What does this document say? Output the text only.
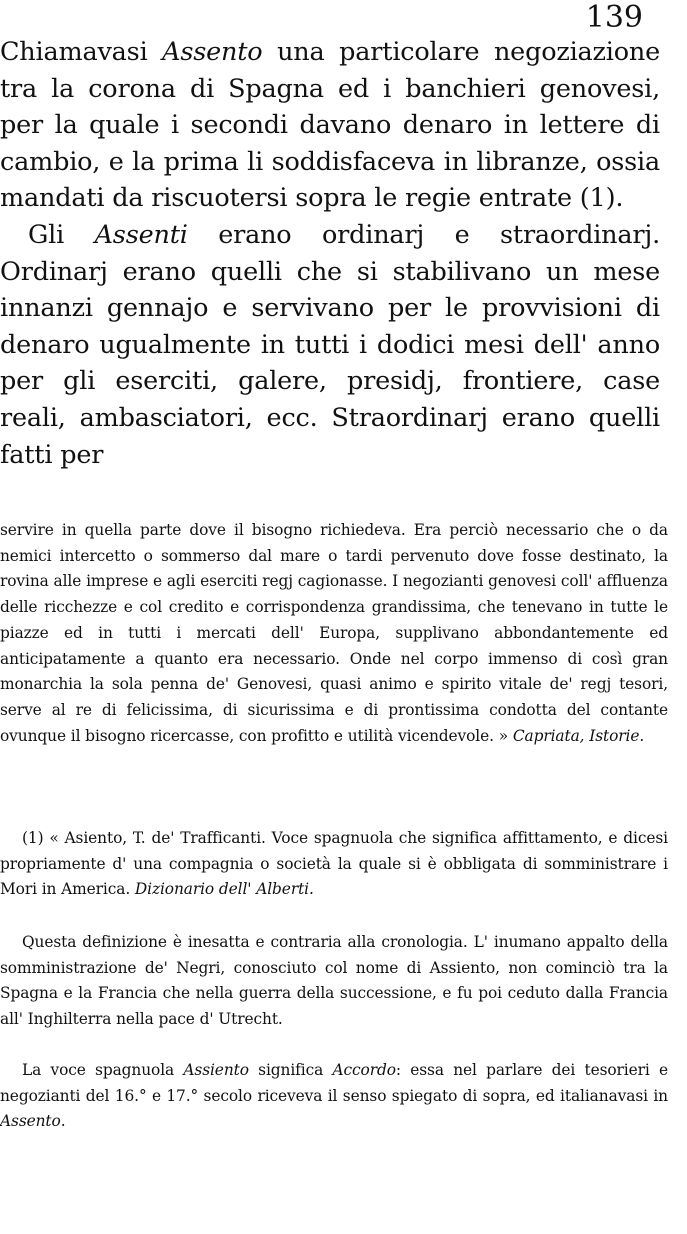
139

Chiamavasi Assento una particolare negoziazione tra la corona di Spagna ed i banchieri genovesi, per la quale i secondi davano denaro in lettere di cambio, e la prima li soddisfaceva in libranze, ossia mandati da riscuotersi sopra le regie entrate (1).

Gli Assenti erano ordinarj e straordinarj. Ordinarj erano quelli che si stabilivano un mese innanzi gennajo e servivano per le provvisioni di denaro ugualmente in tutti i dodici mesi dell' anno per gli eserciti, galere, presidj, frontiere, case reali, ambasciatori, ecc. Straordinarj erano quelli fatti per

servire in quella parte dove il bisogno richiedeva. Era perciò necessario che o da nemici intercetto o sommerso dal mare o tardi pervenuto dove fosse destinato, la rovina alle imprese e agli eserciti regj cagionasse. I negozianti genovesi coll' affluenza delle ricchezze e col credito e corrispondenza grandissima, che tenevano in tutte le piazze ed in tutti i mercati dell' Europa, supplivano abbondantemente ed anticipatamente a quanto era necessario. Onde nel corpo immenso di così gran monarchia la sola penna de' Genovesi, quasi animo e spirito vitale de' regj tesori, serve al re di felicissima, di sicurissima e di prontissima condotta del contante ovunque il bisogno ricercasse, con profitto e utilità vicendevole. » Capriata, Istorie.

(1) « Asiento, T. de' Trafficanti. Voce spagnuola che significa affittamento, e dicesi propriamente d' una compagnia o società la quale si è obbligata di somministrare i Mori in America. Dizionario dell' Alberti.

Questa definizione è inesatta e contraria alla cronologia. L' inumano appalto della somministrazione de' Negri, conosciuto col nome di Assiento, non cominciò tra la Spagna e la Francia che nella guerra della successione, e fu poi ceduto dalla Francia all' Inghilterra nella pace d' Utrecht.

La voce spagnuola Assiento significa Accordo: essa nel parlare dei tesorieri e negozianti del 16.° e 17.° secolo riceveva il senso spiegato di sopra, ed italianavasi in Assento.
